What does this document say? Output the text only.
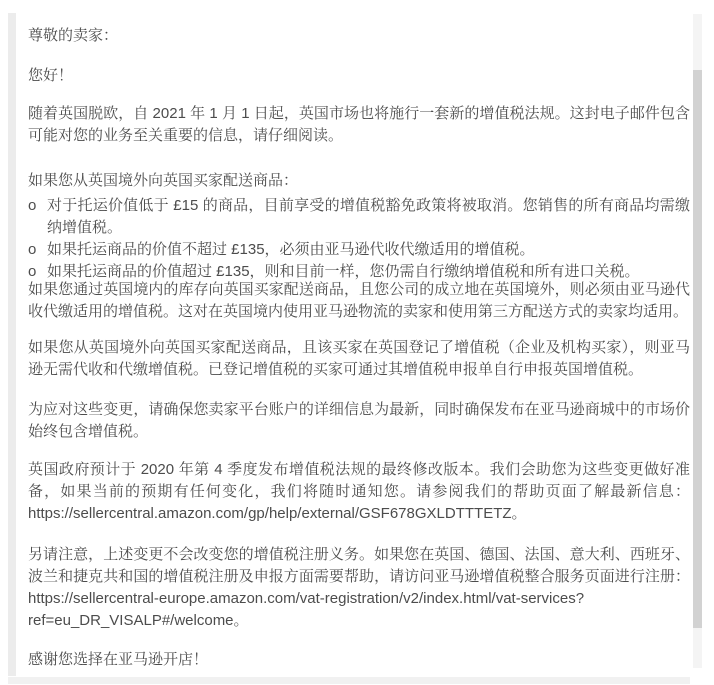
尊敬的卖家：

您好！

随着英国脱欧，自 2021 年 1 月 1 日起，英国市场也将施行一套新的增值税法规。这封电子邮件包含可能对您的业务至关重要的信息，请仔细阅读。

如果您从英国境外向英国买家配送商品：

o 对于托运价值低于 £15 的商品，目前享受的增值税豁免政策将被取消。您销售的所有商品均需缴纳增值税。
o 如果托运商品的价值不超过 £135，必须由亚马逊代收代缴适用的增值税。
o 如果托运商品的价值超过 £135，则和目前一样，您仍需自行缴纳增值税和所有进口关税。

如果您通过英国境内的库存向英国买家配送商品，且您公司的成立地在英国境外，则必须由亚马逊代收代缴适用的增值税。这对在英国境内使用亚马逊物流的卖家和使用第三方配送方式的卖家均适用。

如果您从英国境外向英国买家配送商品，且该买家在英国登记了增值税（企业及机构买家），则亚马逊无需代收和代缴增值税。已登记增值税的买家可通过其增值税申报单自行申报英国增值税。

为应对这些变更，请确保您卖家平台账户的详细信息为最新，同时确保发布在亚马逊商城中的市场价始终包含增值税。

英国政府预计于 2020 年第 4 季度发布增值税法规的最终修改版本。我们会助您为这些变更做好准备，如果当前的预期有任何变化，我们将随时通知您。请参阅我们的帮助页面了解最新信息：https://sellercentral.amazon.com/gp/help/external/GSF678GXLDTTTETZ。

另请注意，上述变更不会改变您的增值税注册义务。如果您在英国、德国、法国、意大利、西班牙、波兰和捷克共和国的增值税注册及申报方面需要帮助，请访问亚马逊增值税整合服务页面进行注册：https://sellercentral-europe.amazon.com/vat-registration/v2/index.html/vat-services?ref=eu_DR_VISALP#/welcome。

感谢您选择在亚马逊开店！
